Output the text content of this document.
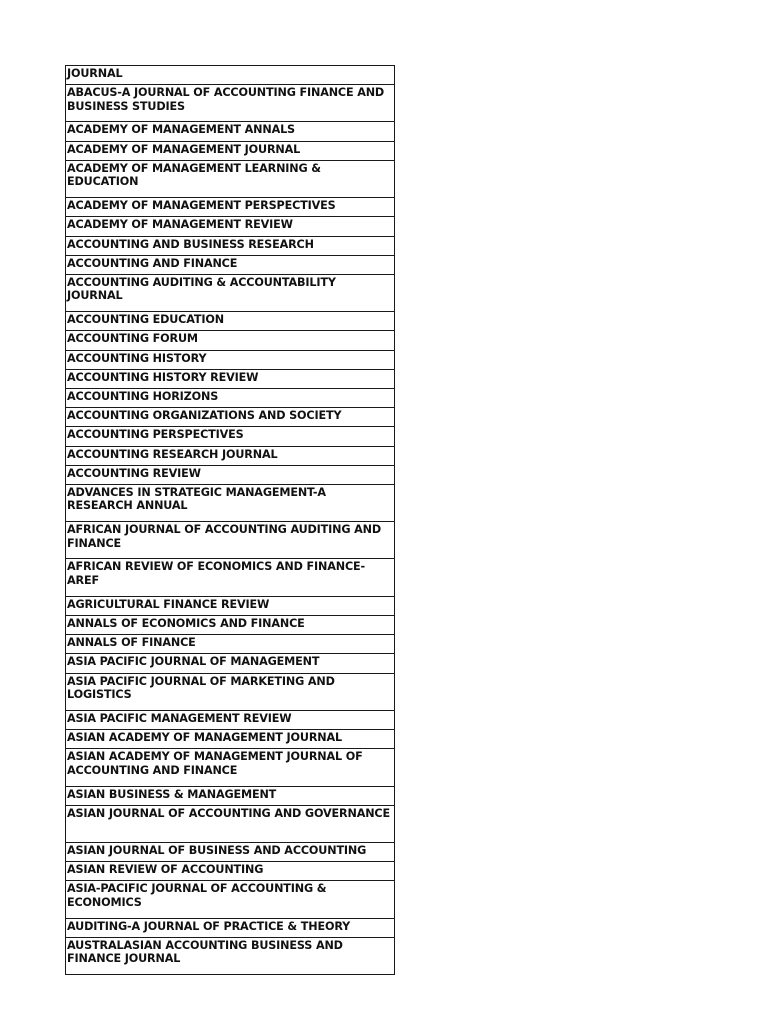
JOURNAL
ABACUS-A JOURNAL OF ACCOUNTING FINANCE AND BUSINESS STUDIES
ACADEMY OF MANAGEMENT ANNALS
ACADEMY OF MANAGEMENT JOURNAL
ACADEMY OF MANAGEMENT LEARNING & EDUCATION
ACADEMY OF MANAGEMENT PERSPECTIVES
ACADEMY OF MANAGEMENT REVIEW
ACCOUNTING AND BUSINESS RESEARCH
ACCOUNTING AND FINANCE
ACCOUNTING AUDITING & ACCOUNTABILITY JOURNAL
ACCOUNTING EDUCATION
ACCOUNTING FORUM
ACCOUNTING HISTORY
ACCOUNTING HISTORY REVIEW
ACCOUNTING HORIZONS
ACCOUNTING ORGANIZATIONS AND SOCIETY
ACCOUNTING PERSPECTIVES
ACCOUNTING RESEARCH JOURNAL
ACCOUNTING REVIEW
ADVANCES IN STRATEGIC MANAGEMENT-A RESEARCH ANNUAL
AFRICAN JOURNAL OF ACCOUNTING AUDITING AND FINANCE
AFRICAN REVIEW OF ECONOMICS AND FINANCE-AREF
AGRICULTURAL FINANCE REVIEW
ANNALS OF ECONOMICS AND FINANCE
ANNALS OF FINANCE
ASIA PACIFIC JOURNAL OF MANAGEMENT
ASIA PACIFIC JOURNAL OF MARKETING AND LOGISTICS
ASIA PACIFIC MANAGEMENT REVIEW
ASIAN ACADEMY OF MANAGEMENT JOURNAL
ASIAN ACADEMY OF MANAGEMENT JOURNAL OF ACCOUNTING AND FINANCE
ASIAN BUSINESS & MANAGEMENT
ASIAN JOURNAL OF ACCOUNTING AND GOVERNANCE
ASIAN JOURNAL OF BUSINESS AND ACCOUNTING
ASIAN REVIEW OF ACCOUNTING
ASIA-PACIFIC JOURNAL OF ACCOUNTING & ECONOMICS
AUDITING-A JOURNAL OF PRACTICE & THEORY
AUSTRALASIAN ACCOUNTING BUSINESS AND FINANCE JOURNAL
